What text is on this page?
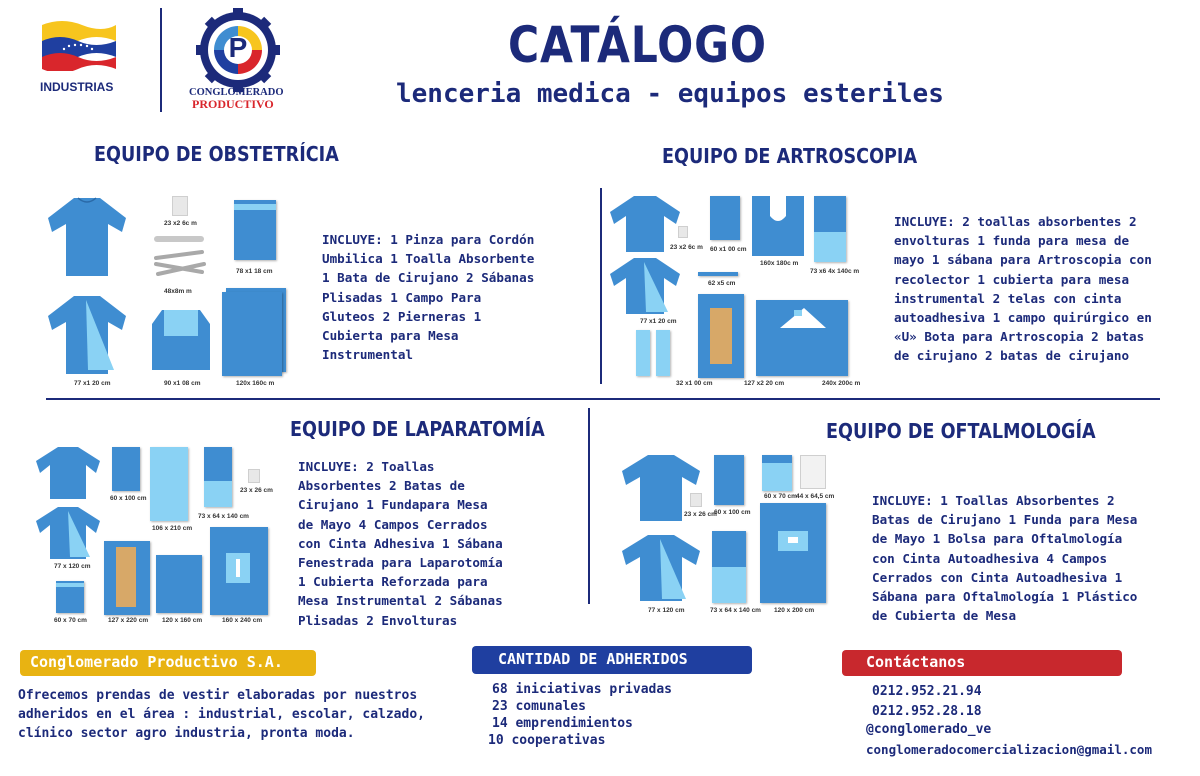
INDUSTRIAS
P
CONGLOMERADO
PRODUCTIVO
CATÁLOGO
lenceria medica - equipos esteriles
EQUIPO DE OBSTETRÍCIA
77 x1 20 cm
23 x2 6c m
48x8m m
78 x1 18 cm
90 x1 08 cm	120x 160c m
INCLUYE: 1 Pinza para Cordón Umbilica 1 Toalla Absorbente 1 Bata de Cirujano 2 Sábanas Plisadas 1 Campo Para Gluteos 2 Pierneras 1 Cubierta para Mesa Instrumental
EQUIPO DE ARTROSCOPIA
23 x2 6c m
77 x1 20 cm
60 x1 00 cm
160x 180c m
73 x6 4x 140c m
62 x5 cm
32 x1 00 cm	127 x2 20 cm	240x 200c m
INCLUYE: 2 toallas absorbentes 2 envolturas 1 funda para mesa de mayo 1 sábana para Artroscopia con recolector 1 cubierta para mesa instrumental 2 telas con cinta autoadhesiva 1 campo quirúrgico en «U» Bota para Artroscopia 2 batas de cirujano 2 batas de cirujano
EQUIPO DE LAPARATOMÍA
77 x 120 cm
60 x 100 cm
106 x 210 cm
73 x 64 x 140 cm
23 x 26 cm
60 x 70 cm	127 x 220 cm 120 x 160 cm	160 x 240 cm
INCLUYE: 2 Toallas Absorbentes 2 Batas de Cirujano 1 Fundapara Mesa de Mayo 4 Campos Cerrados con Cinta Adhesiva 1 Sábana Fenestrada para Laparotomía 1 Cubierta Reforzada para Mesa Instrumental 2 Sábanas Plisadas 2 Envolturas
EQUIPO DE OFTALMOLOGÍA
77 x 120 cm
23 x 26 cm
60 x 100 cm
73 x 64 x 140 cm
60 x 70 cm 44 x 64,5 cm
120 x 200 cm
INCLUYE: 1 Toallas Absorbentes 2 Batas de Cirujano 1 Funda para Mesa de Mayo 1 Bolsa para Oftalmología con Cinta Autoadhesiva 4 Campos Cerrados con Cinta Autoadhesiva 1 Sábana para Oftalmología 1 Plástico de Cubierta de Mesa
Conglomerado Productivo S.A.
Ofrecemos prendas de vestir elaboradas por nuestros adheridos en el área : industrial, escolar, calzado, clínico sector agro industria, pronta moda.
CANTIDAD DE ADHERIDOS
68 iniciativas privadas
23 comunales
14 emprendimientos
10 cooperativas
Contáctanos
0212.952.21.94
0212.952.28.18
@conglomerado_ve
conglomeradocomercializacion@gmail.com
